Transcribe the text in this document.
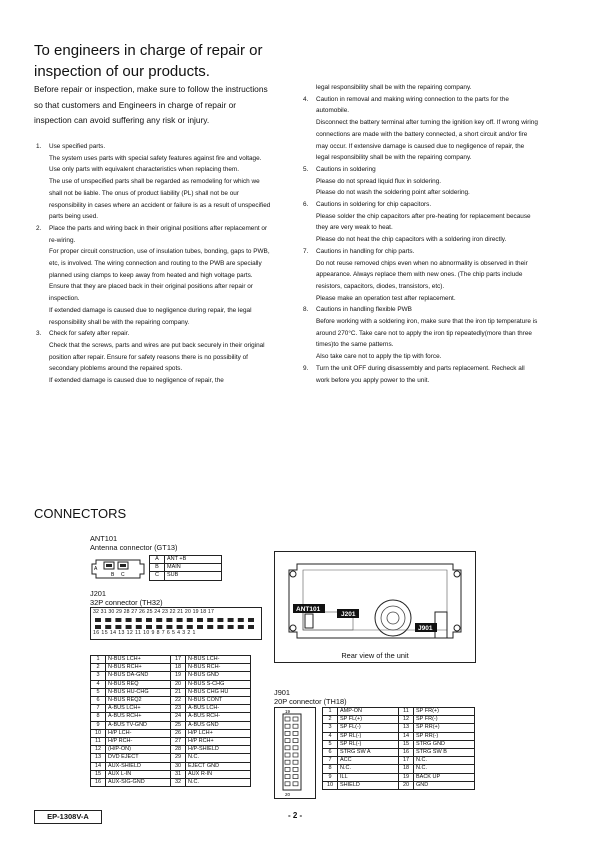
To engineers in charge of repair or inspection of our products.
Before repair or inspection, make sure to follow the instructions so that customers and Engineers in charge of repair or inspection can avoid suffering any risk or injury.
1.	Use specified parts.

The system uses parts with special safety features against fire and voltage. Use only parts with equivalent characteristics when replacing them.

The use of unspecified parts shall be regarded as remodeling for which we shall not be liable. The onus of product liability (PL) shall not be our responsibility in cases where an accident or failure is as a result of unspecified parts being used.

2.	Place the parts and wiring back in their original positions after replacement or re-wiring.

For proper circuit construction, use of insulation tubes, bonding, gaps to PWB, etc, is involved. The wiring connection and routing to the PWB are specially planned using clamps to keep away from heated and high voltage parts. Ensure that they are placed back in their original positions after repair or inspection.

If extended damage is caused due to negligence during repair, the legal responsibility shall be with the repairing company.

3.	Check for safety after repair.

Check that the screws, parts and wires are put back securely in their original position after repair. Ensure for safety reasons there is no possibility of secondary ploblems around the repaired spots.

If extended damage is caused due to negligence of repair, the

legal responsibility shall be with the repairing company.

4.	Caution in removal and making wiring connection to the parts for the automobile.

Disconnect the battery terminal after turning the ignition key off. If wrong wiring connections are made with the battery connected, a short circuit and/or fire may occur. If extensive damage is caused due to negligence of repair, the legal responsibility shall be with the repairing company.

5.	Cautions in soldering

Please do not spread liquid flux in soldering.

Please do not wash the soldering point after soldering.

6.	Cautions in soldering for chip capacitors.

Please solder the chip capacitors after pre-heating for replacement because they are very weak to heat.

Please do not heat the chip capacitors with a soldering iron directly.

7.	Cautions in handling for chip parts.

Do not reuse removed chips even when no abnormality is observed in their appearance. Always replace them with new ones. (The chip parts include resistors, capacitors, diodes, transistors, etc).

Please make an operation test after replacement.

8.	Cautions in handling flexible PWB

Before working with a soldering iron, make sure that the iron tip temperature is around 270°C. Take care not to apply the iron tip repeatedly(more than three times)to the same patterns.

Also take care not to apply the tip with force.

9.	Turn the unit OFF during disassembly and parts replacement. Recheck all work before you apply power to the unit.

CONNECTORS
ANT101
Antenna connector (GT13)
A
B C
A	ANT +B
B	MAIN
C	SUB
J201
32P connector (TH32)
32 31 30 29 28 27 26 25 24 23 22 21 20 19 18 17
16 15 14 13 12 11 10 9 8 7 6 5 4 3 2 1
1	N-BUS LCH+	17	N-BUS LCH-
2	N-BUS RCH+	18	N-BUS RCH-
3	N-BUS DA-GND	19	N-BUS GND
4	N-BUS REQ	20	N-BUS S-CHG
5	N-BUS HU-CHG	21	N-BUS CHG HU
6	N-BUS REQ2	22	N-BUS CONT
7	A-BUS LCH+	23	A-BUS LCH-
8	A-BUS RCH+	24	A-BUS RCH-
9	A-BUS TV-GND	25	A-BUS GND
10	H/P LCH-	26	H/P LCH+
11	H/P RCH-	27	H/P RCH+
12	(H/P-ON)	28	H/P-SHIELD
13	DVD EJECT	29	N.C.
14	AUX-SHIELD	30	EJECT GND
15	AUX L-IN	31	AUX R-IN
16	AUX-SIG-GND	32	N.C.
ANT101
J201
J901
Rear view of the unit
J901
20P connector (TH18)
19
20
1	AMP-ON	11	SP FR(+)
2	SP FL(+)	12	SP FR(-)
3	SP FL(-)	13	SP RR(+)
4	SP RL(-)	14	SP RR(-)
5	SP RL(-)	15	STRG GND
6	STRG SW A	16	STRG SW B
7	ACC	17	N.C.
8	N.C.	18	N.C.
9	ILL	19	BACK UP
10	SHIELD	20	GND
EP-1308V-A	- 2 -
